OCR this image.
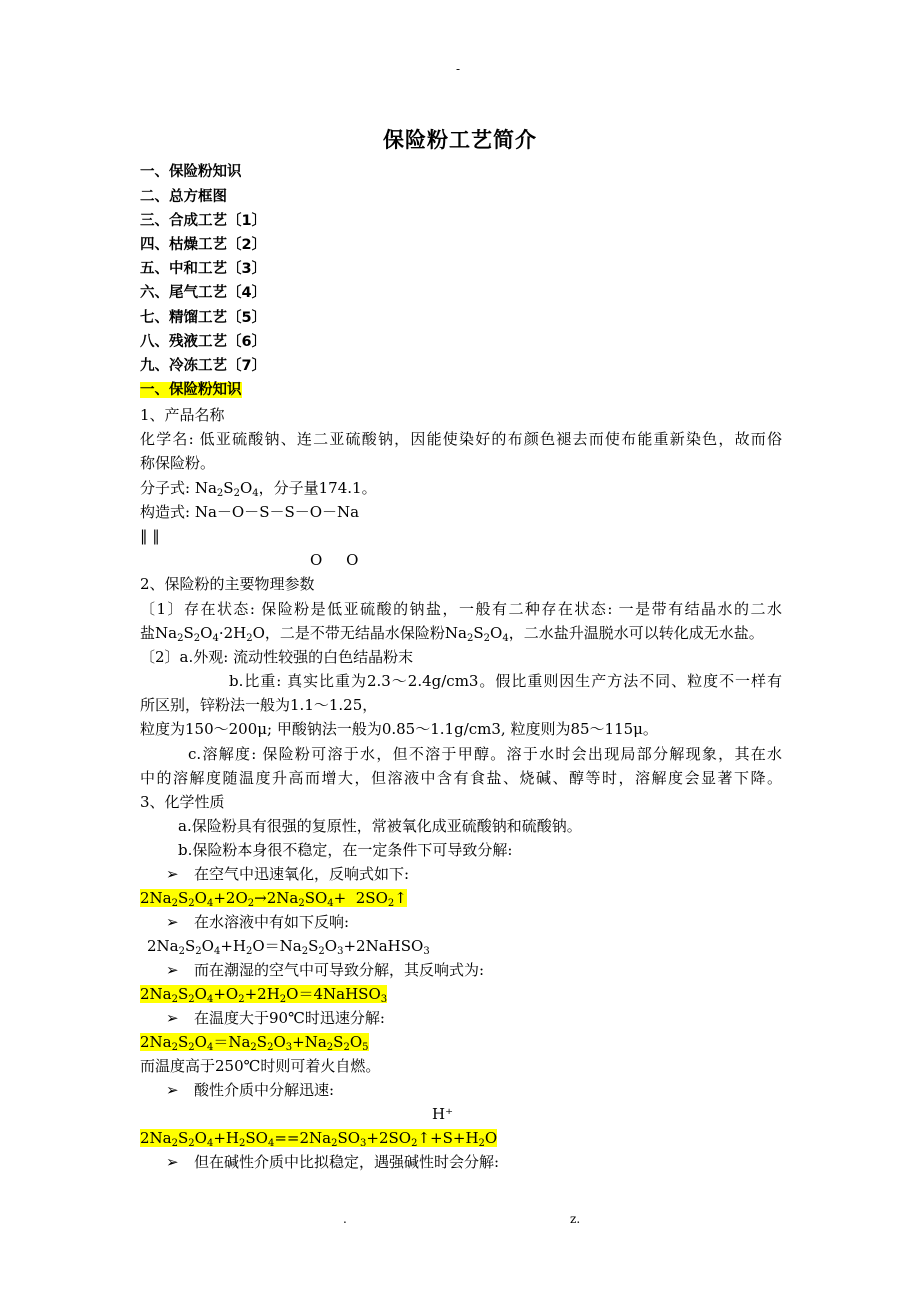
-
保险粉工艺简介
一、保险粉知识
二、总方框图
三、合成工艺〔1〕
四、枯燥工艺〔2〕
五、中和工艺〔3〕
六、尾气工艺〔4〕
七、精馏工艺〔5〕
八、残液工艺〔6〕
九、冷冻工艺〔7〕
一、保险粉知识
1、产品名称
化学名: 低亚硫酸钠、连二亚硫酸钠，因能使染好的布颜色褪去而使布能重新染色，故而俗
称保险粉。
分子式: $Na_2S_2O_4$，分子量174.1。
构造式: Na－O－S－S－O－Na
‖ ‖
O     O
2、保险粉的主要物理参数
〔1〕存在状态: 保险粉是低亚硫酸的钠盐，一般有二种存在状态: 一是带有结晶水的二水
盐$Na_2S_2O_4\cdot 2H_2O$，二是不带无结晶水保险粉$Na_2S_2O_4$，二水盐升温脱水可以转化成无水盐。
〔2〕a.外观: 流动性较强的白色结晶粉末
b.比重: 真实比重为2.3～2.4g/cm3。假比重则因生产方法不同、粒度不一样有
所区别，锌粉法一般为1.1～1.25，
粒度为150～200μ; 甲酸钠法一般为0.85～1.1g/cm3, 粒度则为85～115μ。
c.溶解度: 保险粉可溶于水，但不溶于甲醇。溶于水时会出现局部分解现象，其在水
中的溶解度随温度升高而增大，但溶液中含有食盐、烧碱、醇等时，溶解度会显著下降。
3、化学性质
a.保险粉具有很强的复原性，常被氧化成亚硫酸钠和硫酸钠。
b.保险粉本身很不稳定，在一定条件下可导致分解:
➢ 在空气中迅速氧化，反响式如下:
$2Na_2S_2O_4+2O_2\to 2Na_2SO_4+$  $2SO_2↑$
➢ 在水溶液中有如下反响:
$2Na_2S_2O_4+H_2O=Na_2S_2O_3+2NaHSO_3$
➢ 而在潮湿的空气中可导致分解，其反响式为:
$2Na_2S_2O_4+O_2+2H_2O=4NaHSO_3$
➢ 在温度大于90℃时迅速分解:
$2Na_2S_2O_4=Na_2S_2O_3+Na_2S_2O_5$
而温度高于250℃时则可着火自燃。
➢ 酸性介质中分解迅速:
H⁺
$2Na_2S_2O_4+H_2SO_4==2Na_2SO_3+2SO_2↑+S+H_2O$
➢ 但在碱性介质中比拟稳定，遇强碱性时会分解:
.	z.
